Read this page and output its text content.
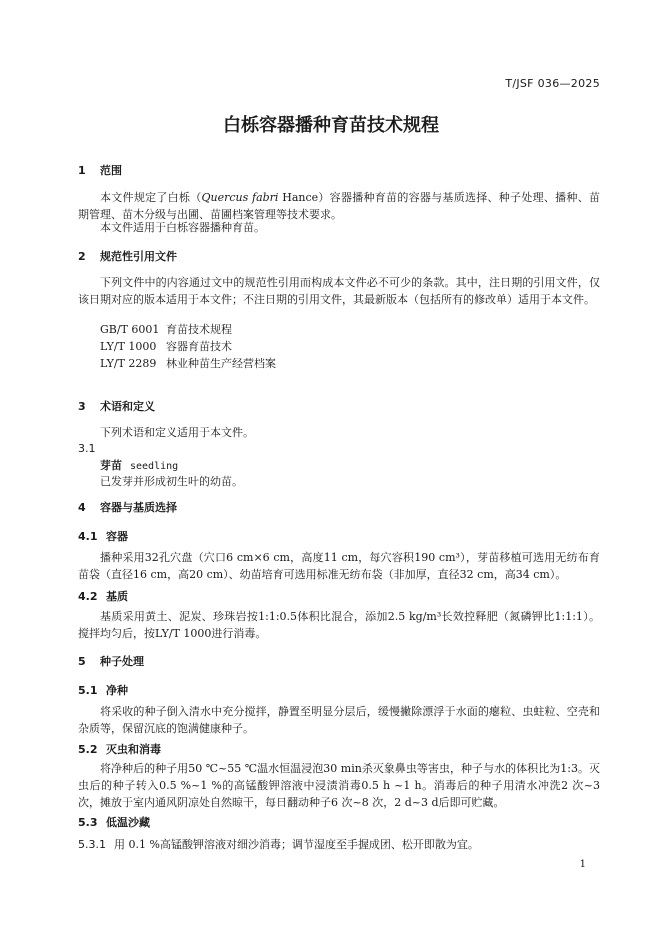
T/JSF 036—2025
白栎容器播种育苗技术规程
1 范围
本文件规定了白栎（Quercus fabri Hance）容器播种育苗的容器与基质选择、种子处理、播种、苗期管理、苗木分级与出圃、苗圃档案管理等技术要求。
本文件适用于白栎容器播种育苗。
2 规范性引用文件
下列文件中的内容通过文中的规范性引用而构成本文件必不可少的条款。其中，注日期的引用文件，仅该日期对应的版本适用于本文件；不注日期的引用文件，其最新版本（包括所有的修改单）适用于本文件。
GB/T 6001 育苗技术规程
LY/T 1000 容器育苗技术
LY/T 2289 林业种苗生产经营档案
3 术语和定义
下列术语和定义适用于本文件。
3.1
芽苗 seedling
已发芽并形成初生叶的幼苗。
4 容器与基质选择
4.1 容器
播种采用32孔穴盘（穴口6 cm×6 cm，高度11 cm，每穴容积190 cm³），芽苗移植可选用无纺布育苗袋（直径16 cm，高20 cm）、幼苗培育可选用标准无纺布袋（非加厚，直径32 cm，高34 cm）。
4.2 基质
基质采用黄土、泥炭、珍珠岩按1:1:0.5体积比混合，添加2.5 kg/m³长效控释肥（氮磷钾比1:1:1）。搅拌均匀后，按LY/T 1000进行消毒。
5 种子处理
5.1 净种
将采收的种子倒入清水中充分搅拌，静置至明显分层后，缓慢撇除漂浮于水面的瘪粒、虫蛀粒、空壳和杂质等，保留沉底的饱满健康种子。
5.2 灭虫和消毒
将净种后的种子用50 ℃~55 ℃温水恒温浸泡30 min杀灭象鼻虫等害虫，种子与水的体积比为1:3。灭虫后的种子转入0.5 %~1 %的高锰酸钾溶液中浸渍消毒0.5 h ~1 h。消毒后的种子用清水冲洗2 次~3 次，摊放于室内通风阴凉处自然晾干，每日翻动种子6 次~8 次，2 d~3 d后即可贮藏。
5.3 低温沙藏
5.3.1 用 0.1 %高锰酸钾溶液对细沙消毒；调节湿度至手握成团、松开即散为宜。
1
